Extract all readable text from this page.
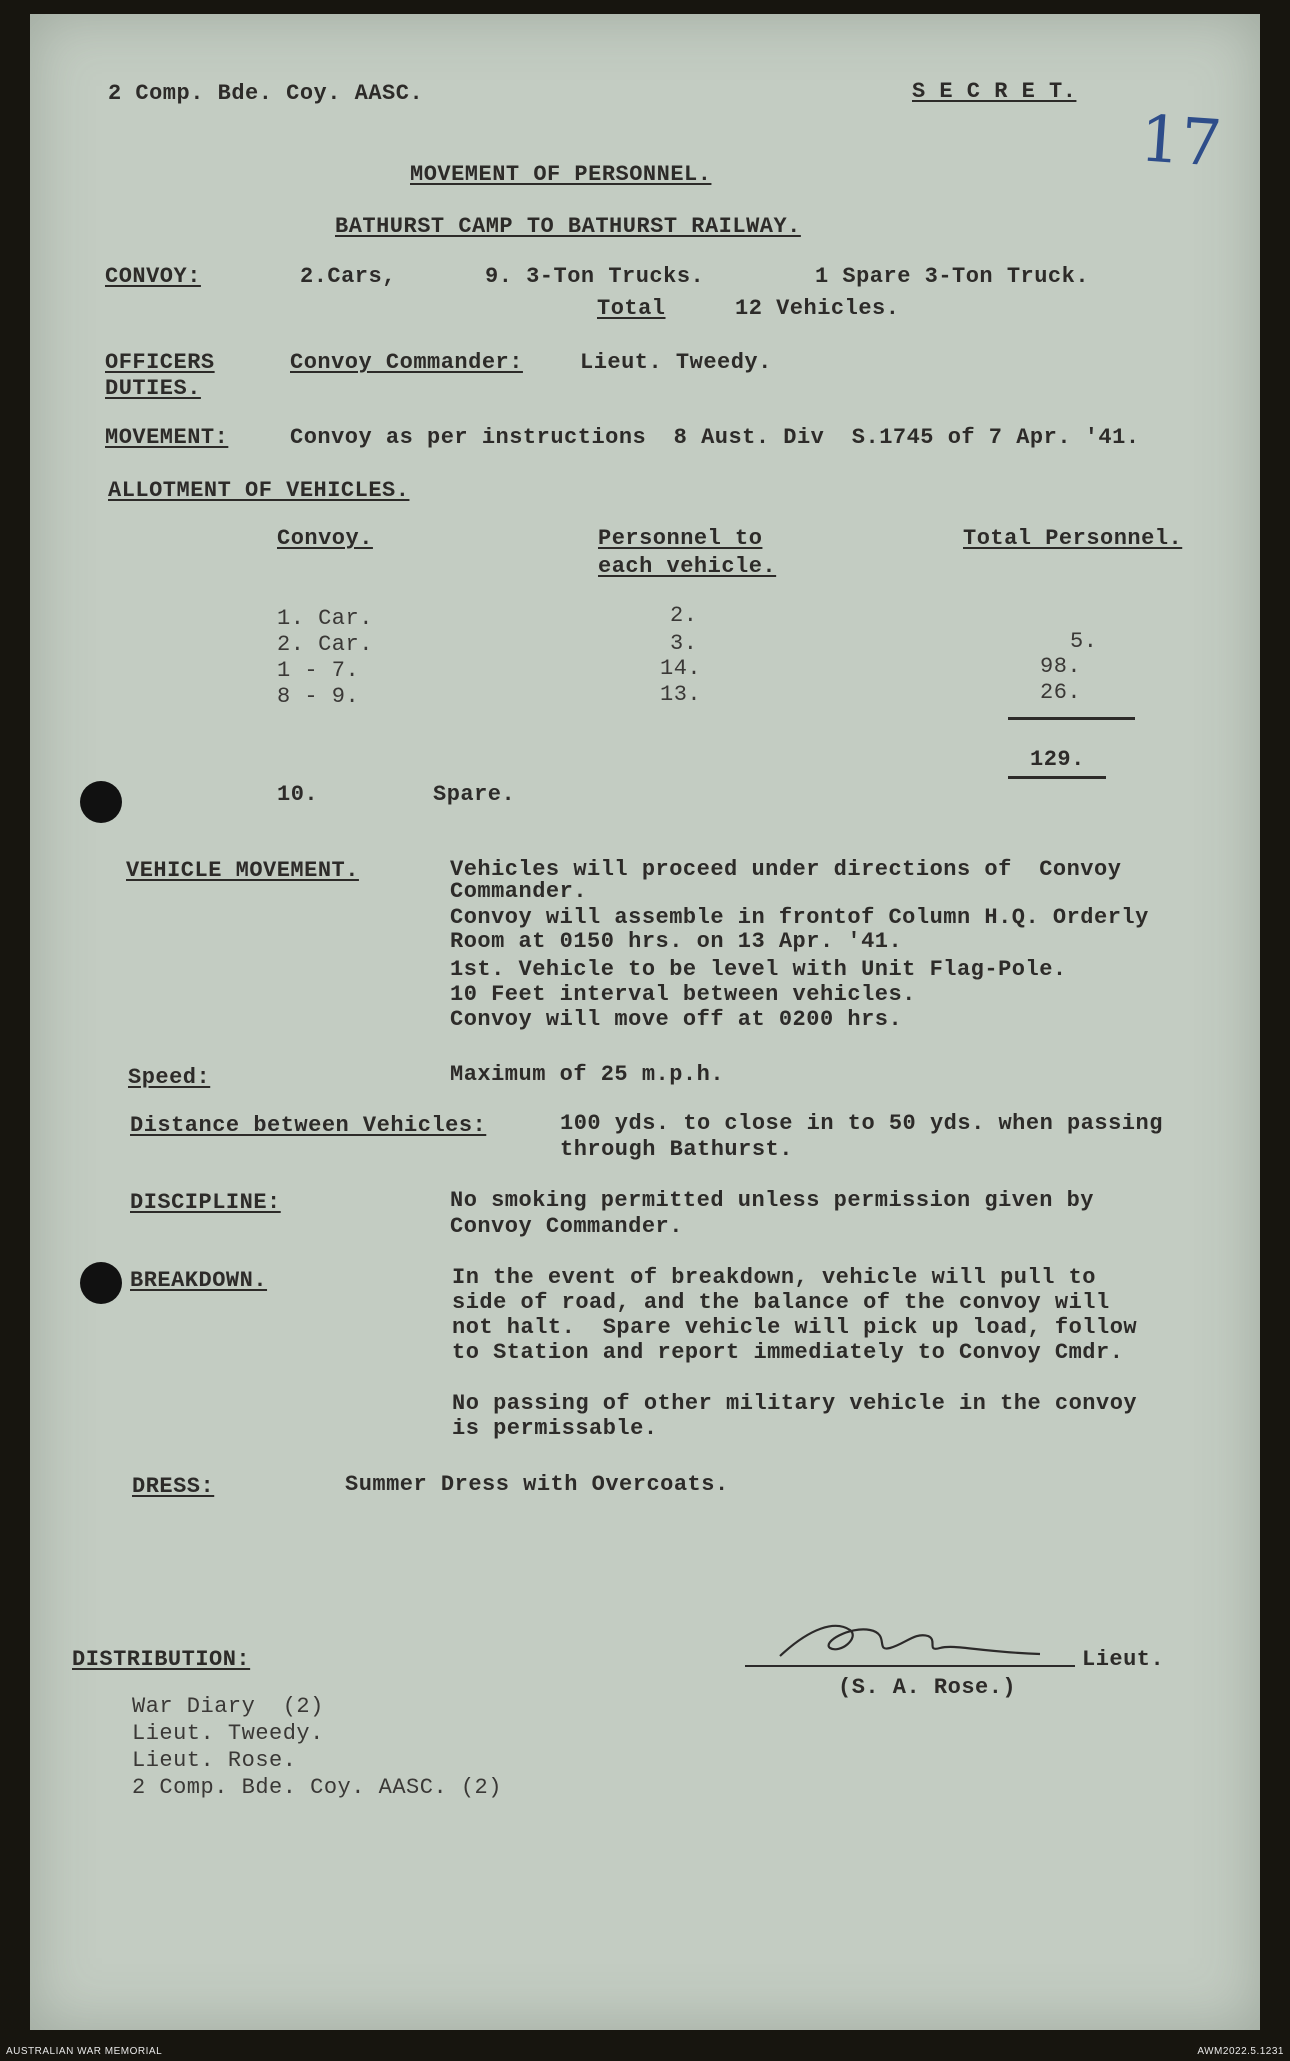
2 Comp. Bde. Coy. AASC.	S E C R E T.
17
MOVEMENT OF PERSONNEL.
BATHURST CAMP TO BATHURST RAILWAY.
CONVOY:	2.Cars,	9. 3-Ton Trucks.	1 Spare 3-Ton Truck.
Total	12 Vehicles.
OFFICERS
DUTIES.
Convoy Commander:	Lieut. Tweedy.
MOVEMENT:	Convoy as per instructions  8 Aust. Div  S.1745 of 7 Apr. '41.
ALLOTMENT OF VEHICLES.
Convoy.	Personnel to
each vehicle.
Total Personnel.
1. Car.	2.
2. Car.	3.	5.
1 - 7.	14.	98.
8 - 9.	13.	26.
129.
10.	Spare.
VEHICLE MOVEMENT.	Vehicles will proceed under directions of  Convoy
Commander.
Convoy will assemble in frontof Column H.Q. Orderly
Room at 0150 hrs. on 13 Apr. '41.
1st. Vehicle to be level with Unit Flag-Pole.
10 Feet interval between vehicles.
Convoy will move off at 0200 hrs.
Speed:	Maximum of 25 m.p.h.
Distance between Vehicles:	100 yds. to close in to 50 yds. when passing
through Bathurst.
DISCIPLINE:	No smoking permitted unless permission given by
Convoy Commander.
BREAKDOWN.	In the event of breakdown, vehicle will pull to
side of road, and the balance of the convoy will
not halt.  Spare vehicle will pick up load, follow
to Station and report immediately to Convoy Cmdr.
No passing of other military vehicle in the convoy
is permissable.
DRESS:	Summer Dress with Overcoats.
Lieut.
(S. A. Rose.)
DISTRIBUTION:
War Diary  (2)
Lieut. Tweedy.
Lieut. Rose.
2 Comp. Bde. Coy. AASC. (2)
AUSTRALIAN WAR MEMORIAL	AWM2022.5.1231
